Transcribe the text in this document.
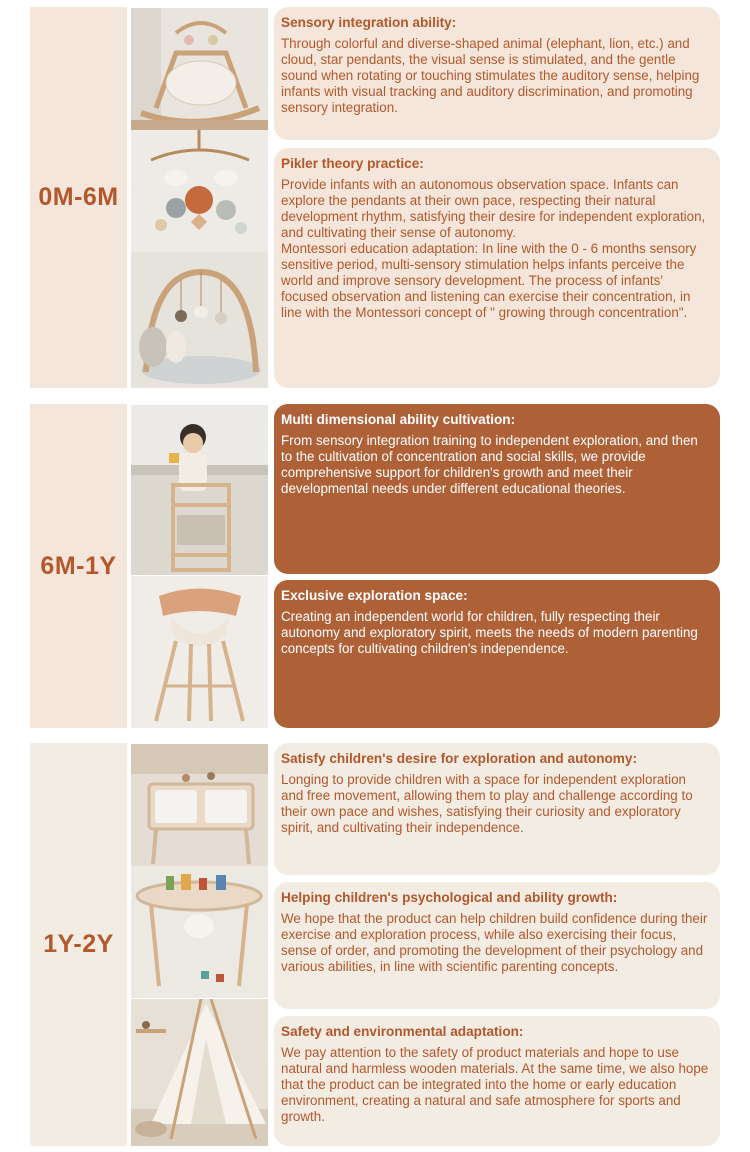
0M-6M
Sensory integration ability:

Through colorful and diverse-shaped animal (elephant, lion, etc.) and cloud, star pendants, the visual sense is stimulated, and the gentle sound when rotating or touching stimulates the auditory sense, helping infants with visual tracking and auditory discrimination, and promoting sensory integration.

Pikler theory practice:

Provide infants with an autonomous observation space. Infants can explore the pendants at their own pace, respecting their natural development rhythm, satisfying their desire for independent exploration, and cultivating their sense of autonomy.

Montessori education adaptation: In line with the 0 - 6 months sensory sensitive period, multi-sensory stimulation helps infants perceive the world and improve sensory development. The process of infants' focused observation and listening can exercise their concentration, in line with the Montessori concept of " growing through concentration".

6M-1Y
Multi dimensional ability cultivation:

From sensory integration training to independent exploration, and then to the cultivation of concentration and social skills, we provide comprehensive support for children's growth and meet their developmental needs under different educational theories.

Exclusive exploration space:

Creating an independent world for children, fully respecting their autonomy and exploratory spirit, meets the needs of modern parenting concepts for cultivating children's independence.

1Y-2Y
Satisfy children's desire for exploration and autonomy:

Longing to provide children with a space for independent exploration and free movement, allowing them to play and challenge according to their own pace and wishes, satisfying their curiosity and exploratory spirit, and cultivating their independence.

Helping children's psychological and ability growth:

We hope that the product can help children build confidence during their exercise and exploration process, while also exercising their focus, sense of order, and promoting the development of their psychology and various abilities, in line with scientific parenting concepts.

Safety and environmental adaptation:

We pay attention to the safety of product materials and hope to use natural and harmless wooden materials. At the same time, we also hope that the product can be integrated into the home or early education environment, creating a natural and safe atmosphere for sports and growth.
